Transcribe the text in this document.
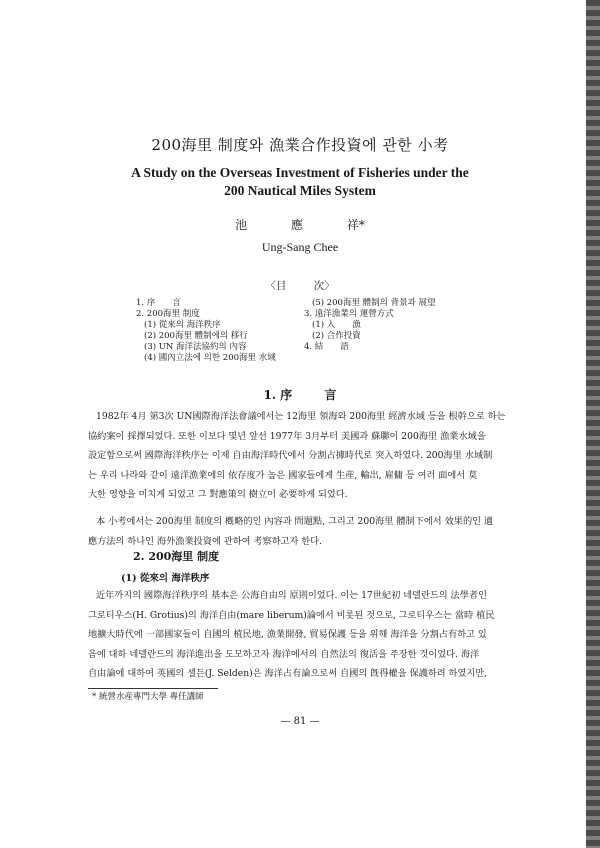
200海里 制度와 漁業合作投資에 관한 小考
A Study on the Overseas Investment of Fisheries under the
200 Nautical Miles System
池	應	祥*
Ung-Sang Chee
〈目	次〉
1. 序　　言
2. 200海里 制度
(1) 從來의 海洋秩序
(2) 200海里 體制에의 移行
(3) UN 海洋法協約의 內容
(4) 國內立法에 의한 200海里 水域
(5) 200海里 體制의 背景과 展望
3. 遠洋漁業의 運營方式
(1) 入　　漁
(2) 合作投資
4. 結　　語
1. 序	言
1982年 4月 第3次 UN國際海洋法會議에서는 12海里 領海와 200海里 經濟水域 등을 根幹으로 하는
協約案이 採擇되었다. 또한 이보다 몇년 앞선 1977年 3月부터 美國과 蘇聯이 200海里 漁業水域을
設定함으로써 國際海洋秩序는 이제 自由海洋時代에서 分割占據時代로 突入하였다. 200海里 水域制
는 우리 나라와 같이 遠洋漁業에의 依存度가 높은 國家들에게 生産, 輸出, 雇傭 등 여러 面에서 莫
大한 영향을 미치게 되었고 그 對應策의 樹立이 必要하게 되었다.
本 小考에서는 200海里 制度의 槪略的인 內容과 問題點, 그리고 200海里 體制下에서 效果的인 適
應方法의 하나인 海外漁業投資에 관하여 考察하고자 한다.
2. 200海里 制度
(1) 從來의 海洋秩序
近年까지의 國際海洋秩序의 基本은 公海自由의 原則이었다. 이는 17世紀初 네델란드의 法學者인
그로티우스(H. Grotius)의 海洋自由(mare liberum)論에서 비롯된 것으로, 그로티우스는 當時 植民
地擴大時代에 一部國家들이 自國의 植民地, 漁業開發, 貿易保護 등을 위해 海洋을 分割占有하고 있
음에 대하 네델란드의 海洋進出을 도모하고자 海洋에서의 自然法의 復活을 주장한 것이었다. 海洋
自由論에 대하여 英國의 셀든(J. Selden)은 海洋占有論으로써 自國의 旣得權을 保護하려 하였지만,
* 統營水産專門大學 專任講師
— 81 —
